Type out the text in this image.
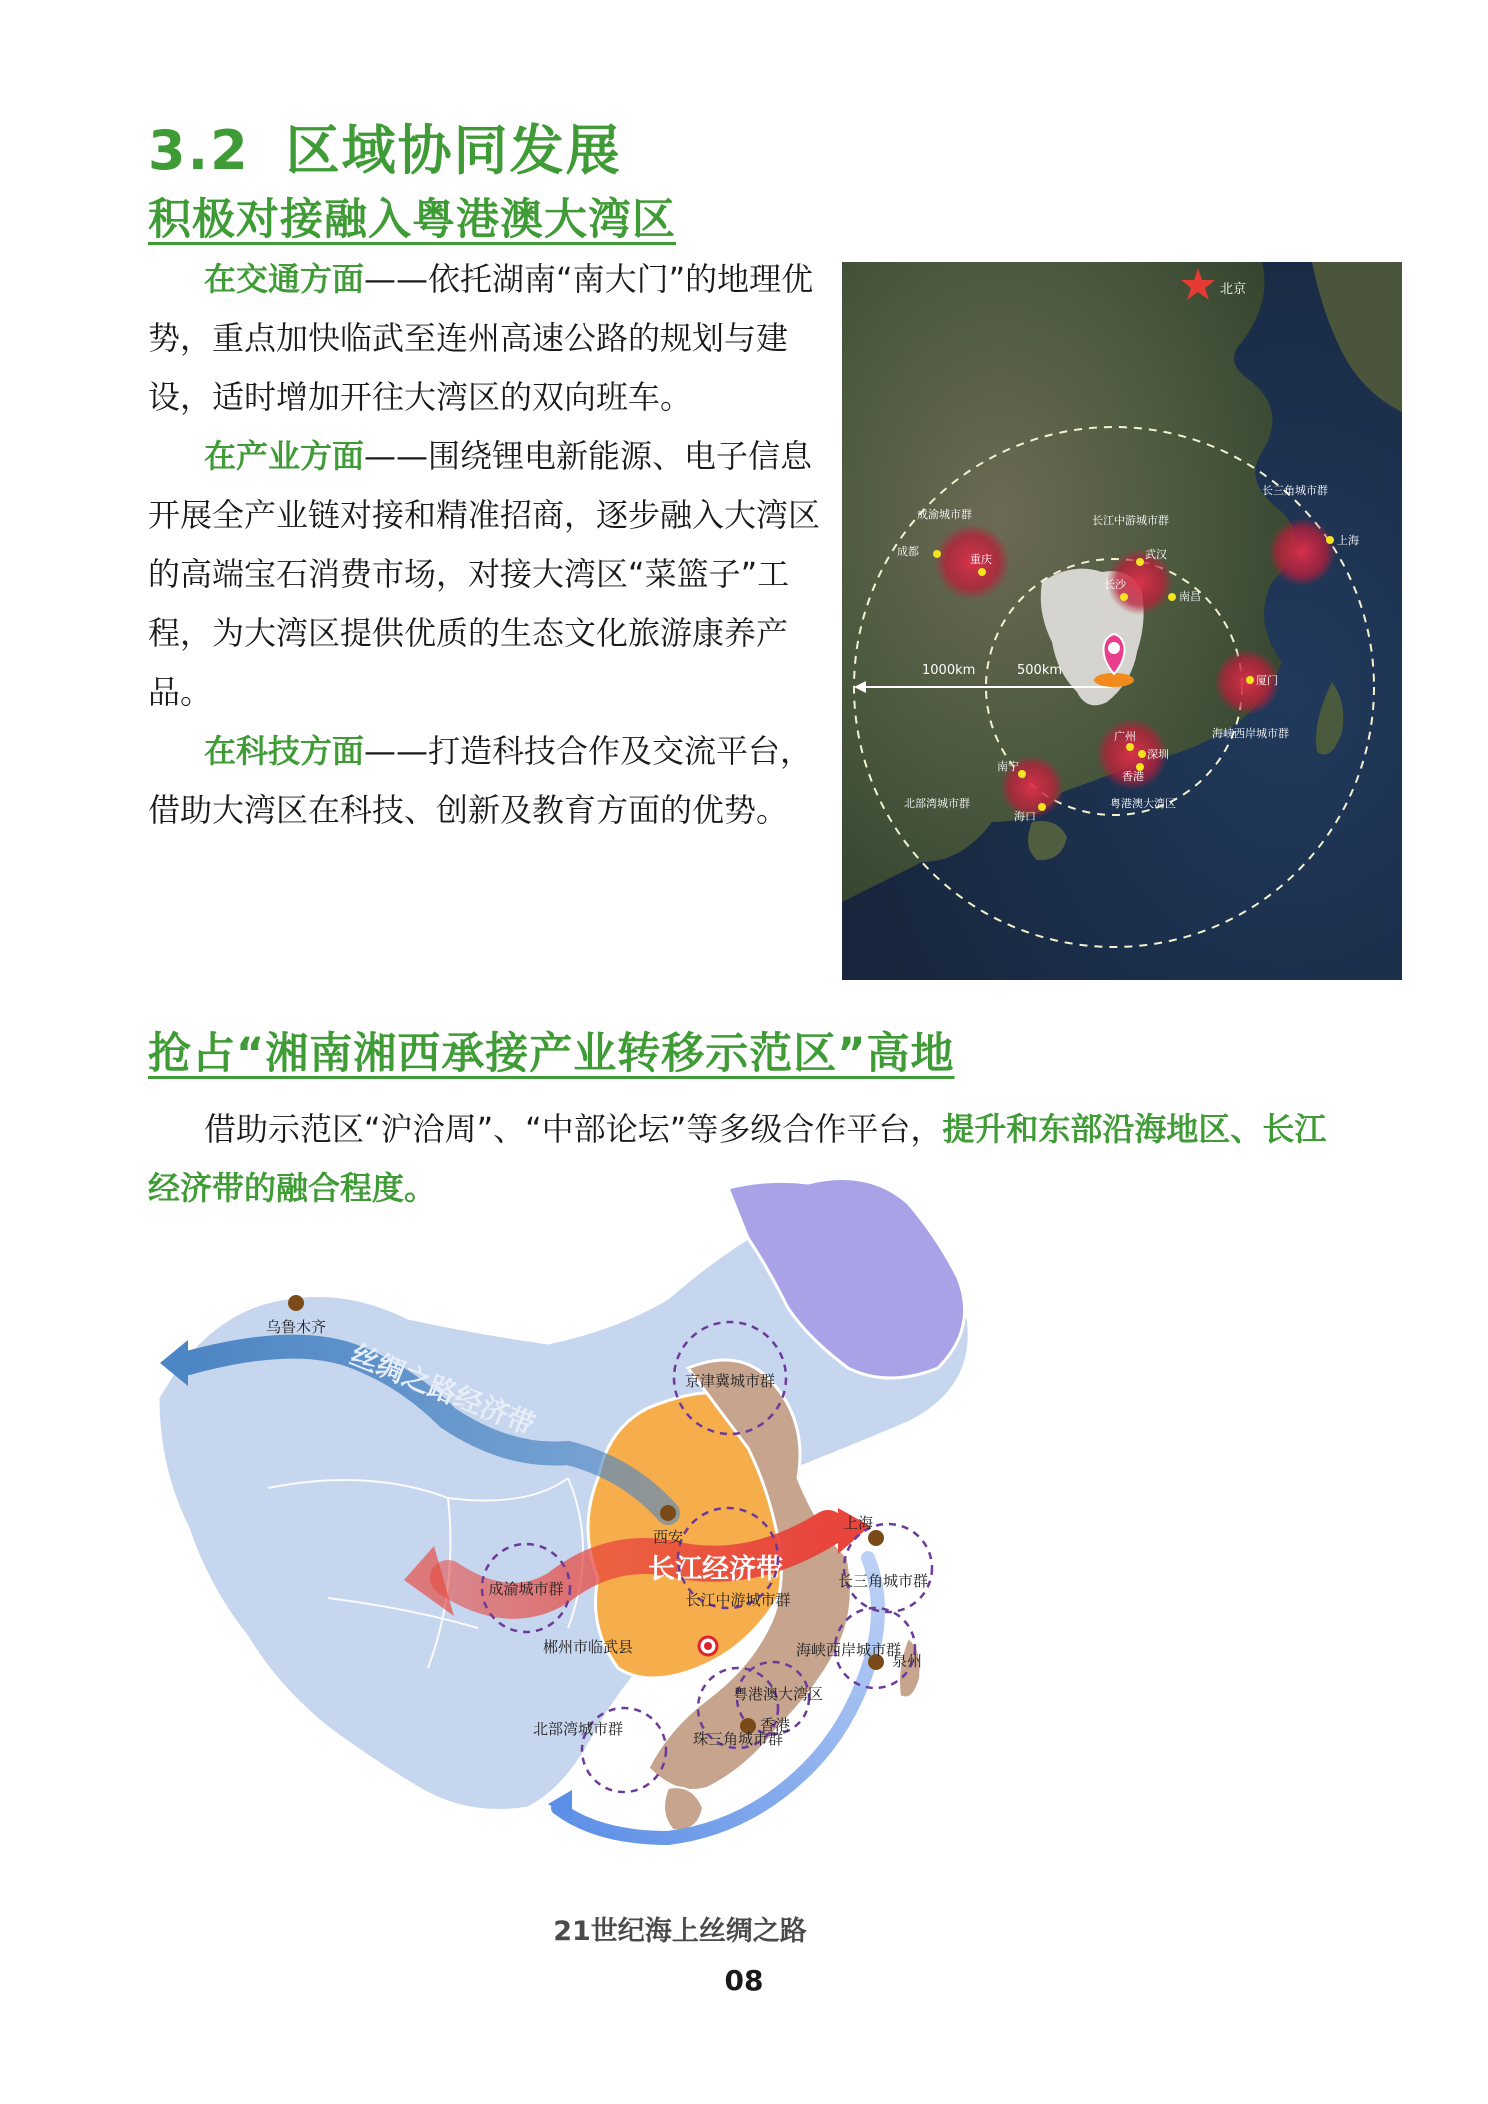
3.2 区域协同发展
积极对接融入粤港澳大湾区

在交通方面——依托湖南“南大门”的地理优势，重点加快临武至连州高速公路的规划与建设，适时增加开往大湾区的双向班车。

在产业方面——围绕锂电新能源、电子信息开展全产业链对接和精准招商，逐步融入大湾区的高端宝石消费市场，对接大湾区“菜篮子”工程，为大湾区提供优质的生态文化旅游康养产品。

在科技方面——打造科技合作及交流平台，借助大湾区在科技、创新及教育方面的优势。

1000km	500km
北京
成渝城市群	长江中游城市群
长三角城市群
海峡西岸城市群
粤港澳大湾区
北部湾城市群
成都
重庆	武汉
长沙
南昌
上海
厦门
广州
深圳
香港
南宁
海口
抢占“湘南湘西承接产业转移示范区”高地

借助示范区“沪洽周”、“中部论坛”等多级合作平台，提升和东部沿海地区、长江经济带的融合程度。

丝绸之路经济带
长江经济带
21世纪海上丝绸之路
乌鲁木齐
西安
上海
泉州
香港
郴州市临武县
京津冀城市群
成渝城市群
长江中游城市群
长三角城市群
海峡西岸城市群
粤港澳大湾区
珠三角城市群
北部湾城市群
08
